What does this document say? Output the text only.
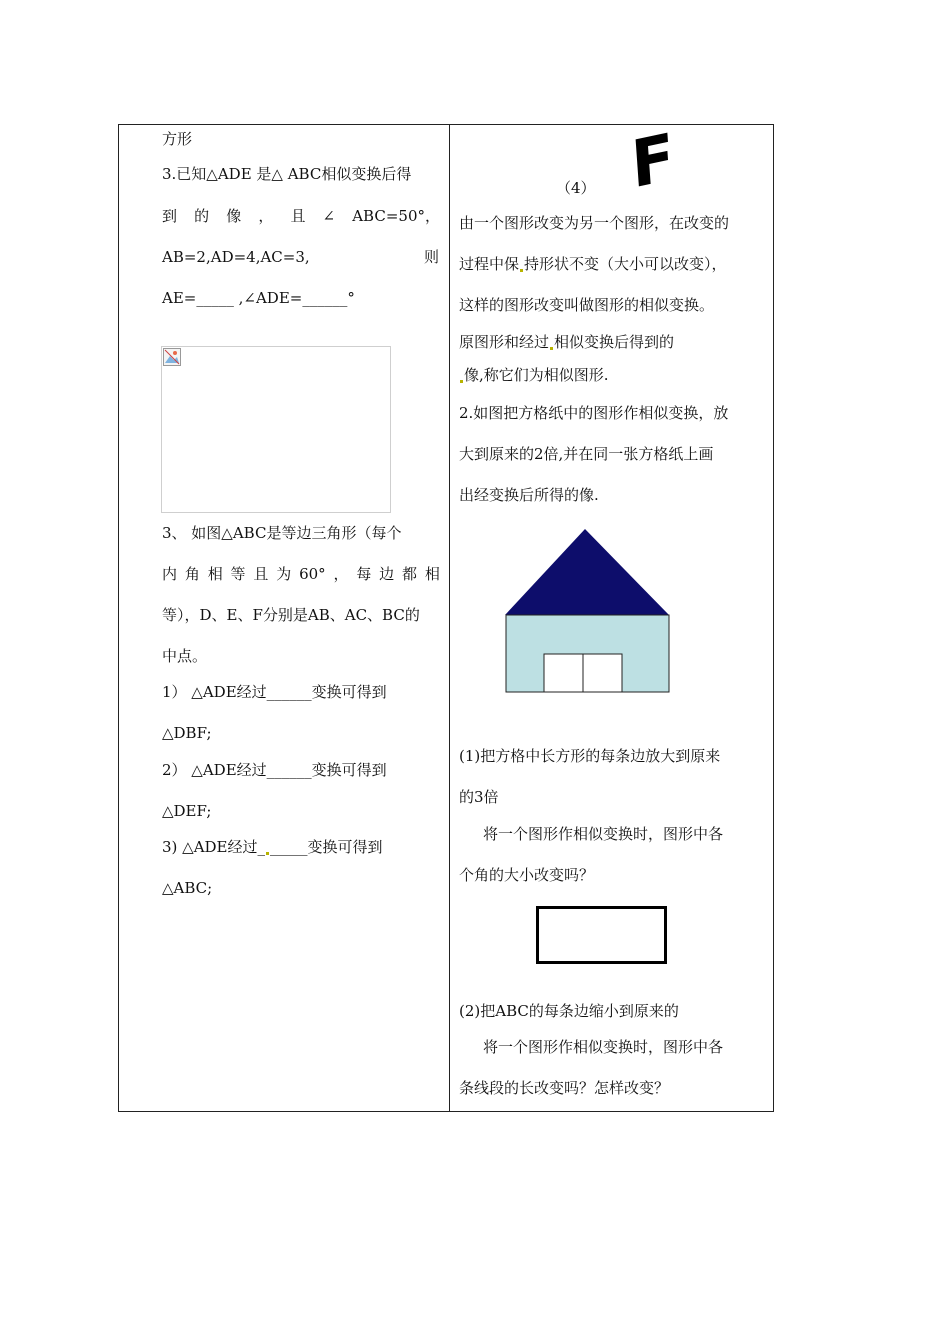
方形
3.已知△ADE 是△ ABC相似变换后得
到 的 像 ， 且 ∠ ABC=50°，
AB=2,AD=4,AC=3,	则
AE=_____ ,∠ADE=______°
3、 如图△ABC是等边三角形（每个
内 角 相 等 且 为 60° ， 每 边 都 相
等），D、E、F分别是AB、AC、BC的
中点。
1） △ADE经过______变换可得到
△DBF;
2） △ADE经过______变换可得到
△DEF;
3) △ADE经过_ _____变换可得到
△ABC;
（4） F
由一个图形改变为另一个图形，在改变的
过程中保 持形状不变（大小可以改变），
这样的图形改变叫做图形的相似变换。
原图形和经过 相似变换后得到的
像,称它们为相似图形.
2.如图把方格纸中的图形作相似变换，放
大到原来的2倍,并在同一张方格纸上画
出经变换后所得的像.
(1)把方格中长方形的每条边放大到原来
的3倍
将一个图形作相似变换时，图形中各
个角的大小改变吗？
(2)把ABC的每条边缩小到原来的
将一个图形作相似变换时，图形中各
条线段的长改变吗？怎样改变？
